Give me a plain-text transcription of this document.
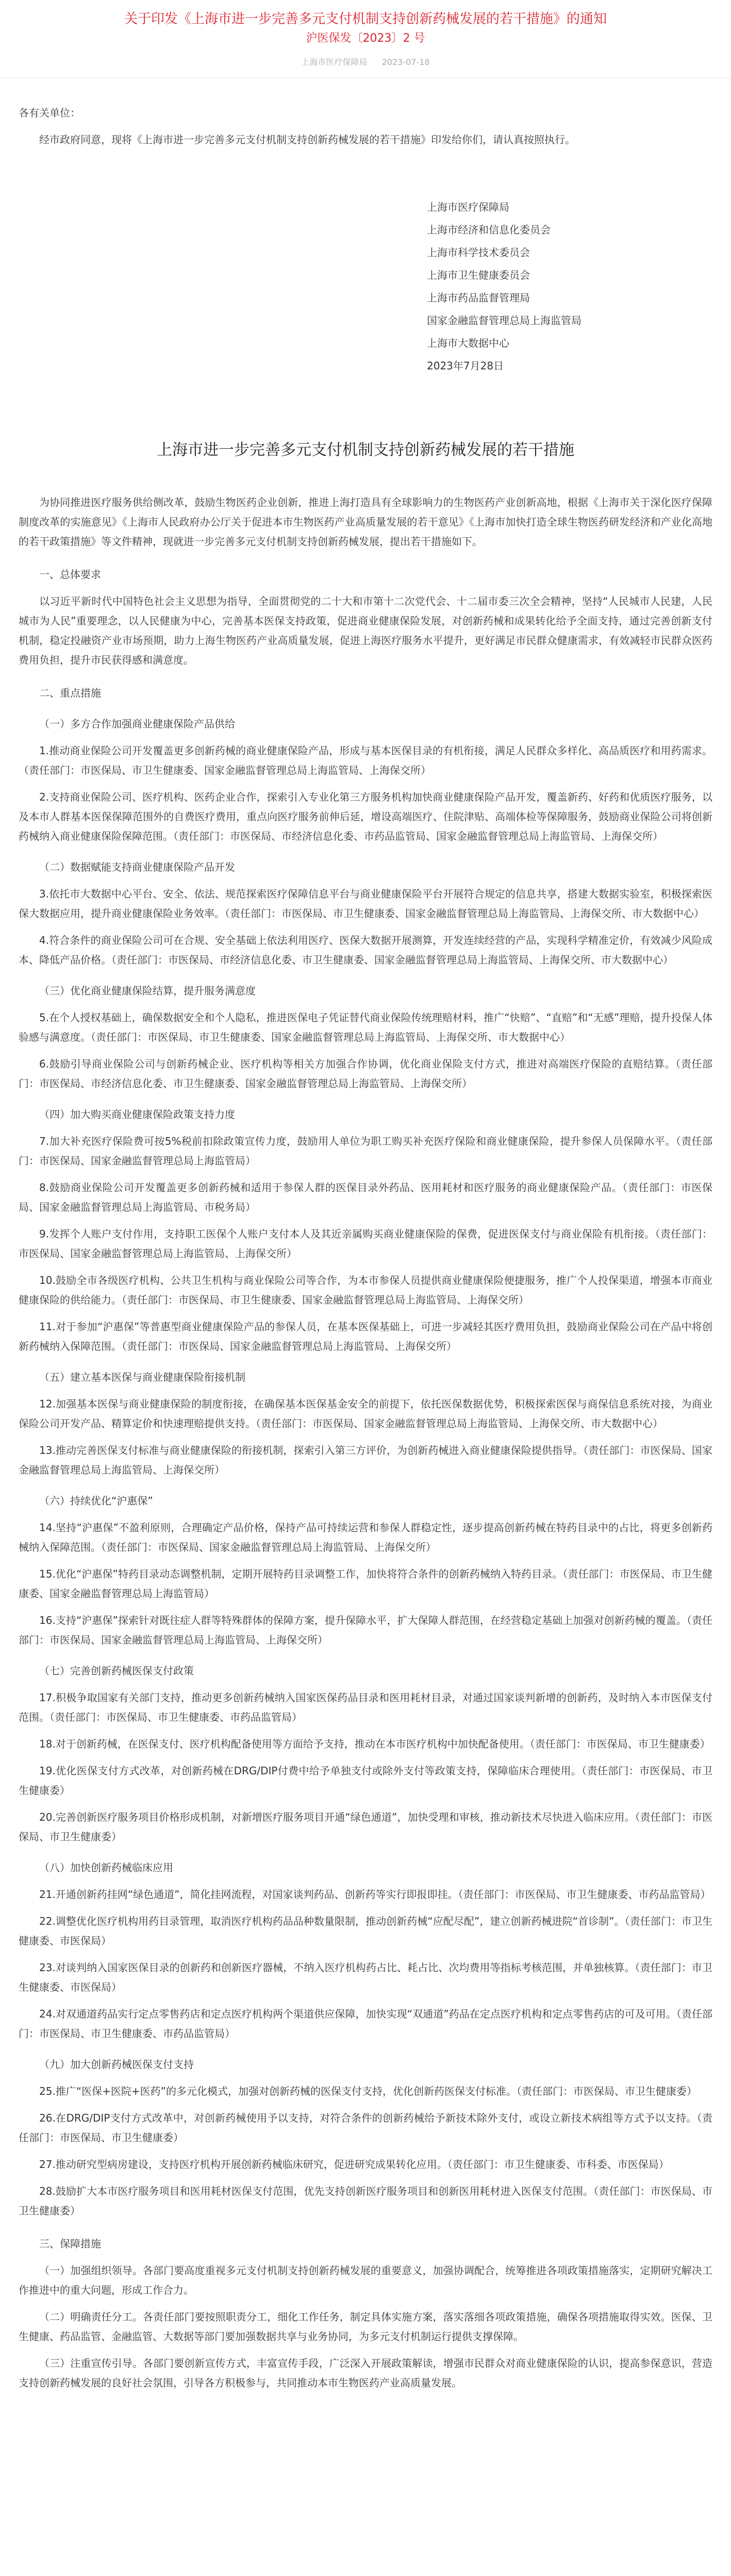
关于印发《上海市进一步完善多元支付机制支持创新药械发展的若干措施》的通知
沪医保发〔2023〕2 号
上海市医疗保障局 2023-07-18
各有关单位：
经市政府同意，现将《上海市进一步完善多元支付机制支持创新药械发展的若干措施》印发给你们，请认真按照执行。
上海市医疗保障局
上海市经济和信息化委员会
上海市科学技术委员会
上海市卫生健康委员会
上海市药品监督管理局
国家金融监督管理总局上海监管局
上海市大数据中心
2023年7月28日
上海市进一步完善多元支付机制支持创新药械发展的若干措施
为协同推进医疗服务供给侧改革，鼓励生物医药企业创新，推进上海打造具有全球影响力的生物医药产业创新高地，根据《上海市关于深化医疗保障制度改革的实施意见》《上海市人民政府办公厅关于促进本市生物医药产业高质量发展的若干意见》《上海市加快打造全球生物医药研发经济和产业化高地的若干政策措施》等文件精神，现就进一步完善多元支付机制支持创新药械发展，提出若干措施如下。
一、总体要求
以习近平新时代中国特色社会主义思想为指导，全面贯彻党的二十大和市第十二次党代会、十二届市委三次全会精神，坚持“人民城市人民建，人民城市为人民”重要理念，以人民健康为中心，完善基本医保支持政策，促进商业健康保险发展，对创新药械和成果转化给予全面支持，通过完善创新支付机制，稳定投融资产业市场预期，助力上海生物医药产业高质量发展，促进上海医疗服务水平提升，更好满足市民群众健康需求，有效减轻市民群众医药费用负担，提升市民获得感和满意度。
二、重点措施
（一）多方合作加强商业健康保险产品供给
1.推动商业保险公司开发覆盖更多创新药械的商业健康保险产品，形成与基本医保目录的有机衔接，满足人民群众多样化、高品质医疗和用药需求。（责任部门：市医保局、市卫生健康委、国家金融监督管理总局上海监管局、上海保交所）
2.支持商业保险公司、医疗机构、医药企业合作，探索引入专业化第三方服务机构加快商业健康保险产品开发，覆盖新药、好药和优质医疗服务，以及本市人群基本医保保障范围外的自费医疗费用，重点向医疗服务前伸后延，增设高端医疗、住院津贴、高端体检等保障服务，鼓励商业保险公司将创新药械纳入商业健康保险保障范围。（责任部门：市医保局、市经济信息化委、市药品监管局、国家金融监督管理总局上海监管局、上海保交所）
（二）数据赋能支持商业健康保险产品开发
3.依托市大数据中心平台、安全、依法、规范探索医疗保障信息平台与商业健康保险平台开展符合规定的信息共享，搭建大数据实验室，积极探索医保大数据应用，提升商业健康保险业务效率。（责任部门：市医保局、市卫生健康委、国家金融监督管理总局上海监管局、上海保交所、市大数据中心）
4.符合条件的商业保险公司可在合规、安全基础上依法利用医疗、医保大数据开展测算，开发连续经营的产品，实现科学精准定价，有效减少风险成本、降低产品价格。（责任部门：市医保局、市经济信息化委、市卫生健康委、国家金融监督管理总局上海监管局、上海保交所、市大数据中心）
（三）优化商业健康保险结算，提升服务满意度
5.在个人授权基础上，确保数据安全和个人隐私，推进医保电子凭证替代商业保险传统理赔材料，推广“快赔”、“直赔”和“无感”理赔，提升投保人体验感与满意度。（责任部门：市医保局、市卫生健康委、国家金融监督管理总局上海监管局、上海保交所、市大数据中心）
6.鼓励引导商业保险公司与创新药械企业、医疗机构等相关方加强合作协调，优化商业保险支付方式，推进对高端医疗保险的直赔结算。（责任部门：市医保局、市经济信息化委、市卫生健康委、国家金融监督管理总局上海监管局、上海保交所）
（四）加大购买商业健康保险政策支持力度
7.加大补充医疗保险费可按5%税前扣除政策宣传力度，鼓励用人单位为职工购买补充医疗保险和商业健康保险，提升参保人员保障水平。（责任部门：市医保局、国家金融监督管理总局上海监管局）
8.鼓励商业保险公司开发覆盖更多创新药械和适用于参保人群的医保目录外药品、医用耗材和医疗服务的商业健康保险产品。（责任部门：市医保局、国家金融监督管理总局上海监管局、市税务局）
9.发挥个人账户支付作用，支持职工医保个人账户支付本人及其近亲属购买商业健康保险的保费，促进医保支付与商业保险有机衔接。（责任部门：市医保局、国家金融监督管理总局上海监管局、上海保交所）
10.鼓励全市各级医疗机构、公共卫生机构与商业保险公司等合作，为本市参保人员提供商业健康保险便捷服务，推广个人投保渠道，增强本市商业健康保险的供给能力。（责任部门：市医保局、市卫生健康委、国家金融监督管理总局上海监管局、上海保交所）
11.对于参加“沪惠保”等普惠型商业健康保险产品的参保人员，在基本医保基础上，可进一步减轻其医疗费用负担，鼓励商业保险公司在产品中将创新药械纳入保障范围。（责任部门：市医保局、国家金融监督管理总局上海监管局、上海保交所）
（五）建立基本医保与商业健康保险衔接机制
12.加强基本医保与商业健康保险的制度衔接，在确保基本医保基金安全的前提下，依托医保数据优势，积极探索医保与商保信息系统对接，为商业保险公司开发产品、精算定价和快速理赔提供支持。（责任部门：市医保局、国家金融监督管理总局上海监管局、上海保交所、市大数据中心）
13.推动完善医保支付标准与商业健康保险的衔接机制，探索引入第三方评价，为创新药械进入商业健康保险提供指导。（责任部门：市医保局、国家金融监督管理总局上海监管局、上海保交所）
（六）持续优化“沪惠保”
14.坚持“沪惠保”不盈利原则，合理确定产品价格，保持产品可持续运营和参保人群稳定性，逐步提高创新药械在特药目录中的占比，将更多创新药械纳入保障范围。（责任部门：市医保局、国家金融监督管理总局上海监管局、上海保交所）
15.优化“沪惠保”特药目录动态调整机制，定期开展特药目录调整工作，加快将符合条件的创新药械纳入特药目录。（责任部门：市医保局、市卫生健康委、国家金融监督管理总局上海监管局）
16.支持“沪惠保”探索针对既往症人群等特殊群体的保障方案，提升保障水平，扩大保障人群范围，在经营稳定基础上加强对创新药械的覆盖。（责任部门：市医保局、国家金融监督管理总局上海监管局、上海保交所）
（七）完善创新药械医保支付政策
17.积极争取国家有关部门支持，推动更多创新药械纳入国家医保药品目录和医用耗材目录，对通过国家谈判新增的创新药，及时纳入本市医保支付范围。（责任部门：市医保局、市卫生健康委、市药品监管局）
18.对于创新药械，在医保支付、医疗机构配备使用等方面给予支持，推动在本市医疗机构中加快配备使用。（责任部门：市医保局、市卫生健康委）
19.优化医保支付方式改革，对创新药械在DRG/DIP付费中给予单独支付或除外支付等政策支持，保障临床合理使用。（责任部门：市医保局、市卫生健康委）
20.完善创新医疗服务项目价格形成机制，对新增医疗服务项目开通“绿色通道”，加快受理和审核，推动新技术尽快进入临床应用。（责任部门：市医保局、市卫生健康委）
（八）加快创新药械临床应用
21.开通创新药挂网“绿色通道”，简化挂网流程，对国家谈判药品、创新药等实行即报即挂。（责任部门：市医保局、市卫生健康委、市药品监管局）
22.调整优化医疗机构用药目录管理，取消医疗机构药品品种数量限制，推动创新药械“应配尽配”，建立创新药械进院“首诊制”。（责任部门：市卫生健康委、市医保局）
23.对谈判纳入国家医保目录的创新药和创新医疗器械，不纳入医疗机构药占比、耗占比、次均费用等指标考核范围，并单独核算。（责任部门：市卫生健康委、市医保局）
24.对双通道药品实行定点零售药店和定点医疗机构两个渠道供应保障，加快实现“双通道”药品在定点医疗机构和定点零售药店的可及可用。（责任部门：市医保局、市卫生健康委、市药品监管局）
（九）加大创新药械医保支付支持
25.推广“医保+医院+医药”的多元化模式，加强对创新药械的医保支付支持，优化创新药医保支付标准。（责任部门：市医保局、市卫生健康委）
26.在DRG/DIP支付方式改革中，对创新药械使用予以支持，对符合条件的创新药械给予新技术除外支付，或设立新技术病组等方式予以支持。（责任部门：市医保局、市卫生健康委）
27.推动研究型病房建设，支持医疗机构开展创新药械临床研究，促进研究成果转化应用。（责任部门：市卫生健康委、市科委、市医保局）
28.鼓励扩大本市医疗服务项目和医用耗材医保支付范围，优先支持创新医疗服务项目和创新医用耗材进入医保支付范围。（责任部门：市医保局、市卫生健康委）
三、保障措施
（一）加强组织领导。各部门要高度重视多元支付机制支持创新药械发展的重要意义，加强协调配合，统筹推进各项政策措施落实，定期研究解决工作推进中的重大问题，形成工作合力。
（二）明确责任分工。各责任部门要按照职责分工，细化工作任务，制定具体实施方案，落实落细各项政策措施，确保各项措施取得实效。医保、卫生健康、药品监管、金融监管、大数据等部门要加强数据共享与业务协同，为多元支付机制运行提供支撑保障。
（三）注重宣传引导。各部门要创新宣传方式，丰富宣传手段，广泛深入开展政策解读，增强市民群众对商业健康保险的认识，提高参保意识，营造支持创新药械发展的良好社会氛围，引导各方积极参与，共同推动本市生物医药产业高质量发展。
